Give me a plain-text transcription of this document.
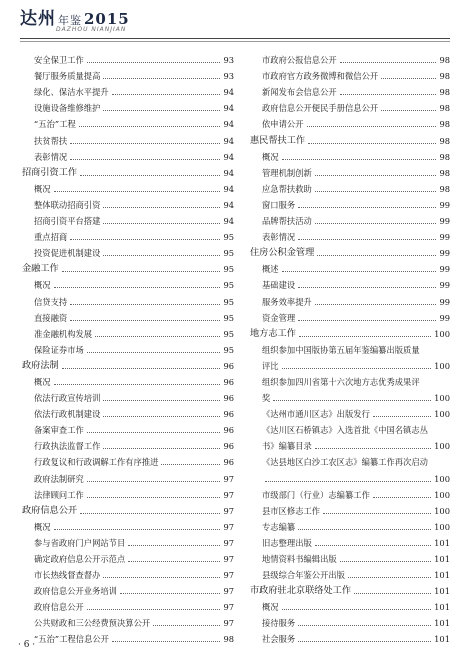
达州 年鉴 2015
DAZHOU NIANJIAN
安全保卫工作	93
餐厅服务质量提高	93
绿化、保洁水平提升	94
设施设备维修维护	94
“五治”工程	94
扶贫帮扶	94
表彰情况	94
招商引资工作	94
概况	94
整体联动招商引资	94
招商引资平台搭建	94
重点招商	95
投资促进机制建设	95
金融工作	95
概况	95
信贷支持	95
直接融资	95
准金融机构发展	95
保险证券市场	95
政府法制	96
概况	96
依法行政宣传培训	96
依法行政机制建设	96
备案审查工作	96
行政执法监督工作	96
行政复议和行政调解工作有序推进	96
政府法制研究	97
法律顾问工作	97
政府信息公开	97
概况	97
参与省政府门户网站节目	97
确定政府信息公开示范点	97
市长热线督查督办	97
政府信息公开业务培训	97
政府信息公开	97
公共财政和三公经费预决算公开	97
“五治”工程信息公开	98
市政府公报信息公开	98
市政府官方政务微博和微信公开	98
新闻发布会信息公开	98
政府信息公开便民手册信息公开	98
依申请公开	98
惠民帮扶工作	98
概况	98
管理机制创新	98
应急帮扶救助	98
窗口服务	99
品牌帮扶活动	99
表彰情况	99
住房公积金管理	99
概述	99
基础建设	99
服务效率提升	99
资金管理	99
地方志工作	100
组织参加中国版协第五届年鉴编纂出版质量
评比	100
组织参加四川省第十六次地方志优秀成果评
奖	100
《达州市通川区志》出版发行	100
《达川区石桥镇志》入选首批《中国名镇志丛
书》编纂目录	100
《达县地区白沙工农区志》编纂工作再次启动
100
市级部门（行业）志编纂工作	100
县市区修志工作	100
专志编纂	100
旧志整理出版	101
地情资料书编辑出版	101
县级综合年鉴公开出版	101
市政府驻北京联络处工作	101
概况	101
接待服务	101
社会服务	101
· 6 ·
